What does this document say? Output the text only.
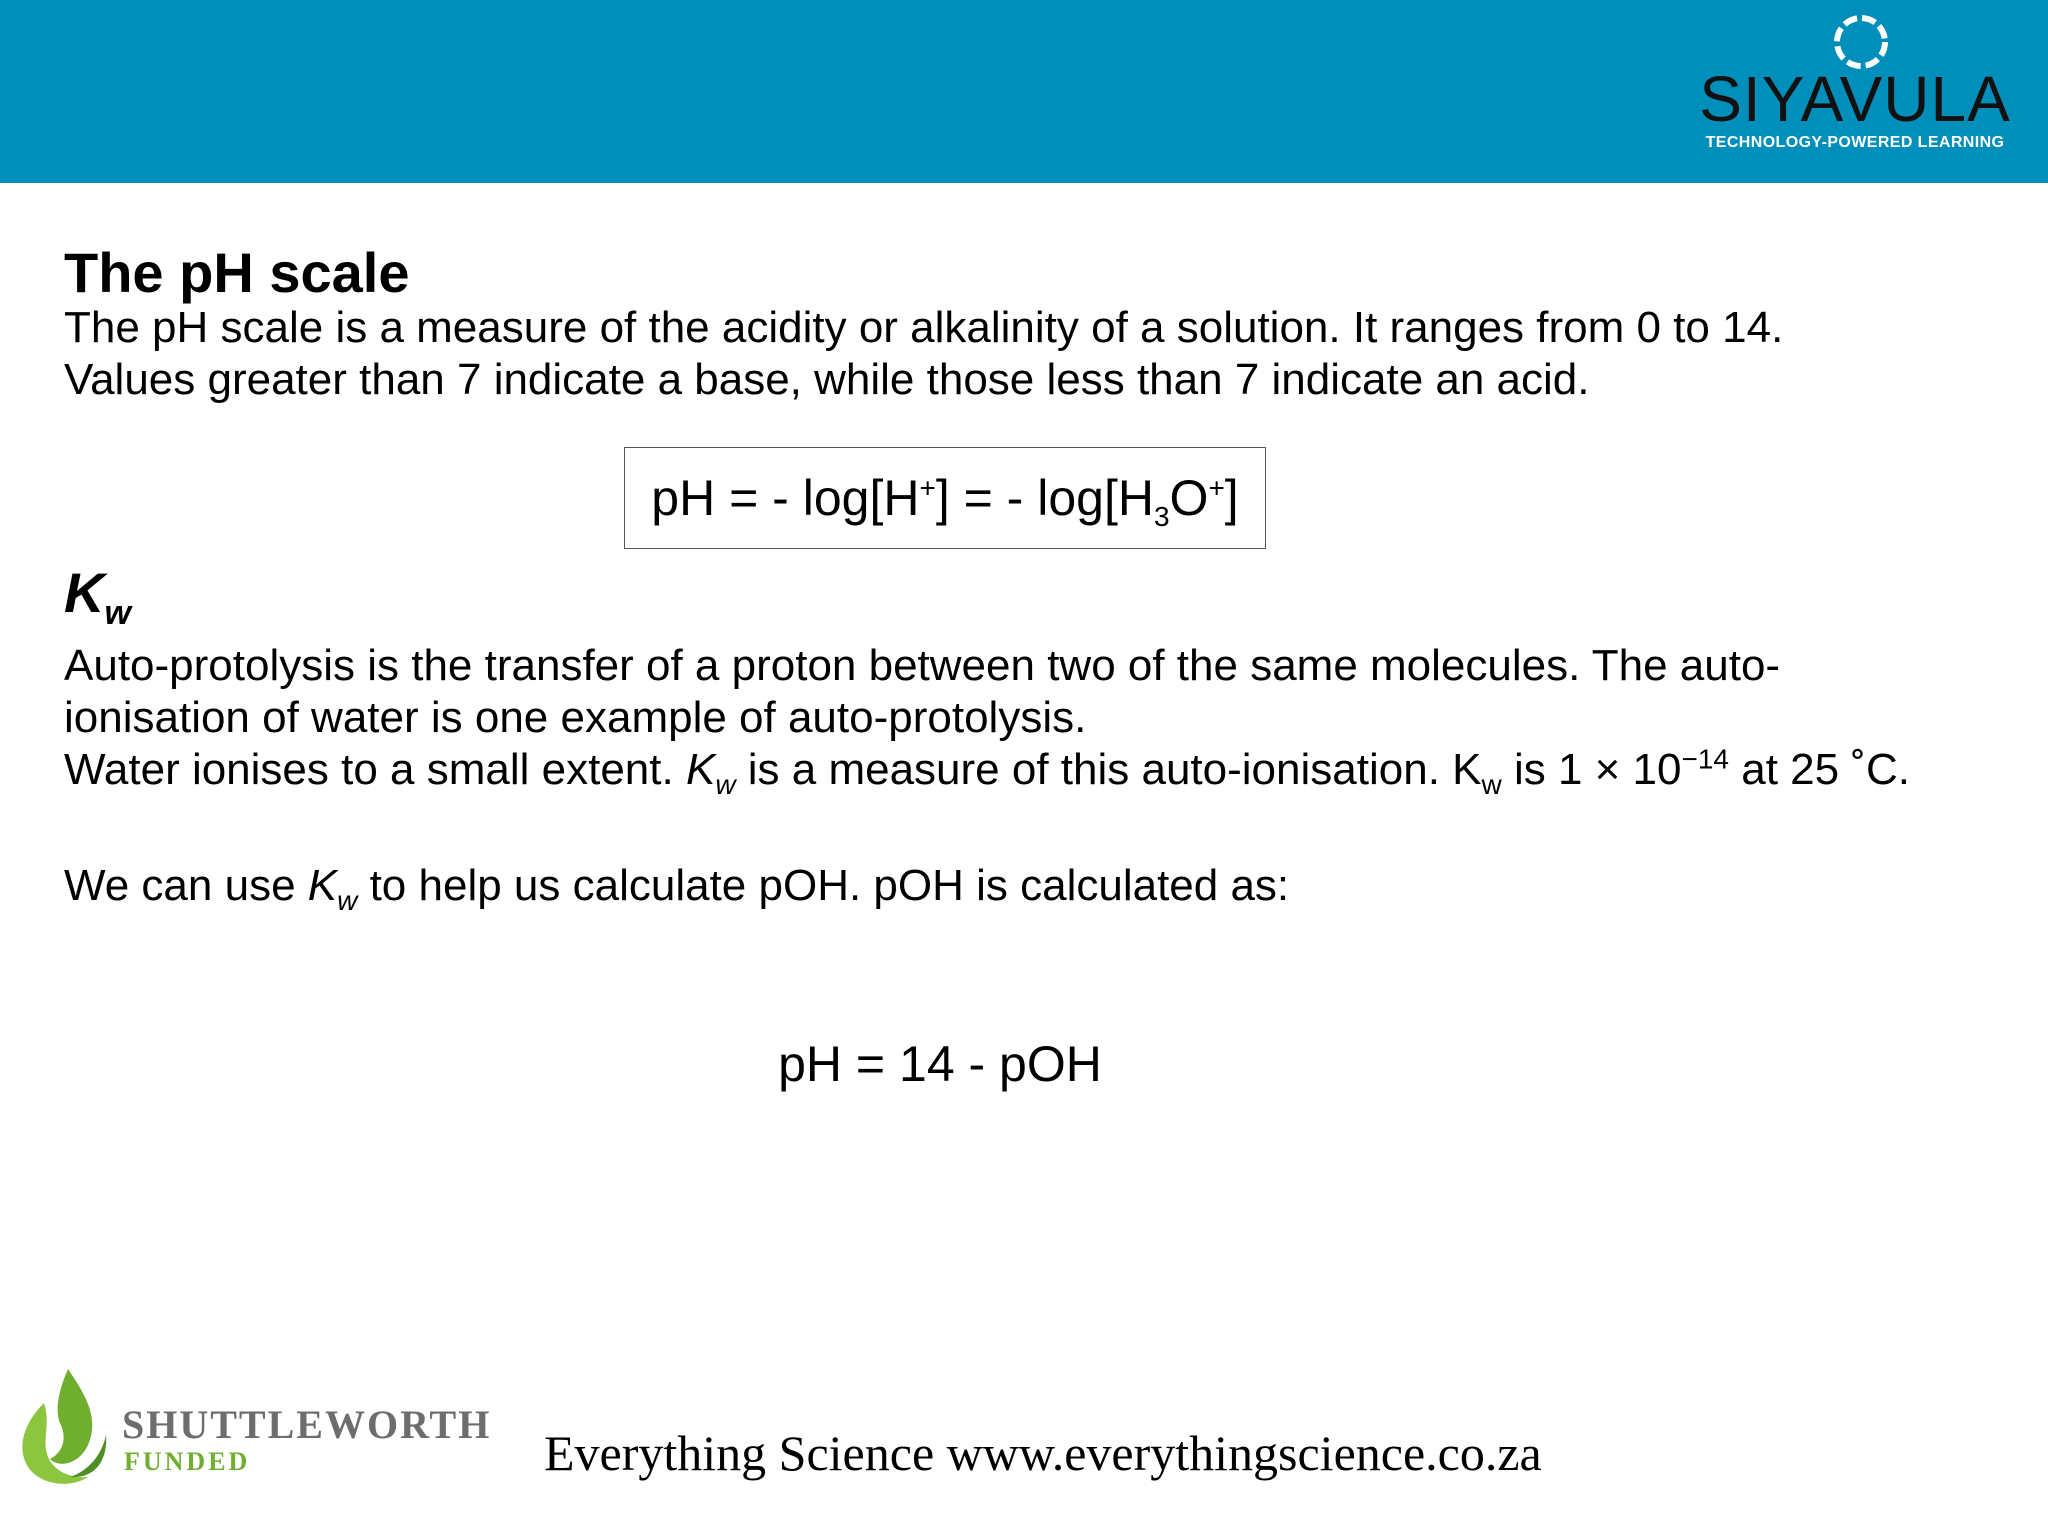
SIYAVULA
TECHNOLOGY-POWERED LEARNING
The pH scale

The pH scale is a measure of the acidity or alkalinity of a solution. It ranges from 0 to 14.

Values greater than 7 indicate a base, while those less than 7 indicate an acid.

pH = - log[H+] = - $\log[H_3O^+]$
$K_w$

Auto-protolysis is the transfer of a proton between two of the same molecules. The auto-

ionisation of water is one example of auto-protolysis.

Water ionises to a small extent. $K_w$ is a measure of this auto-ionisation. $K_w$ is $1 \times 10^{-14}$ at 25 ˚C.

We can use $K_w$ to help us calculate pOH. pOH is calculated as:

pH = 14 - pOH
SHUTTLEWORTH
FUNDED	Everything Science www.everythingscience.co.za
